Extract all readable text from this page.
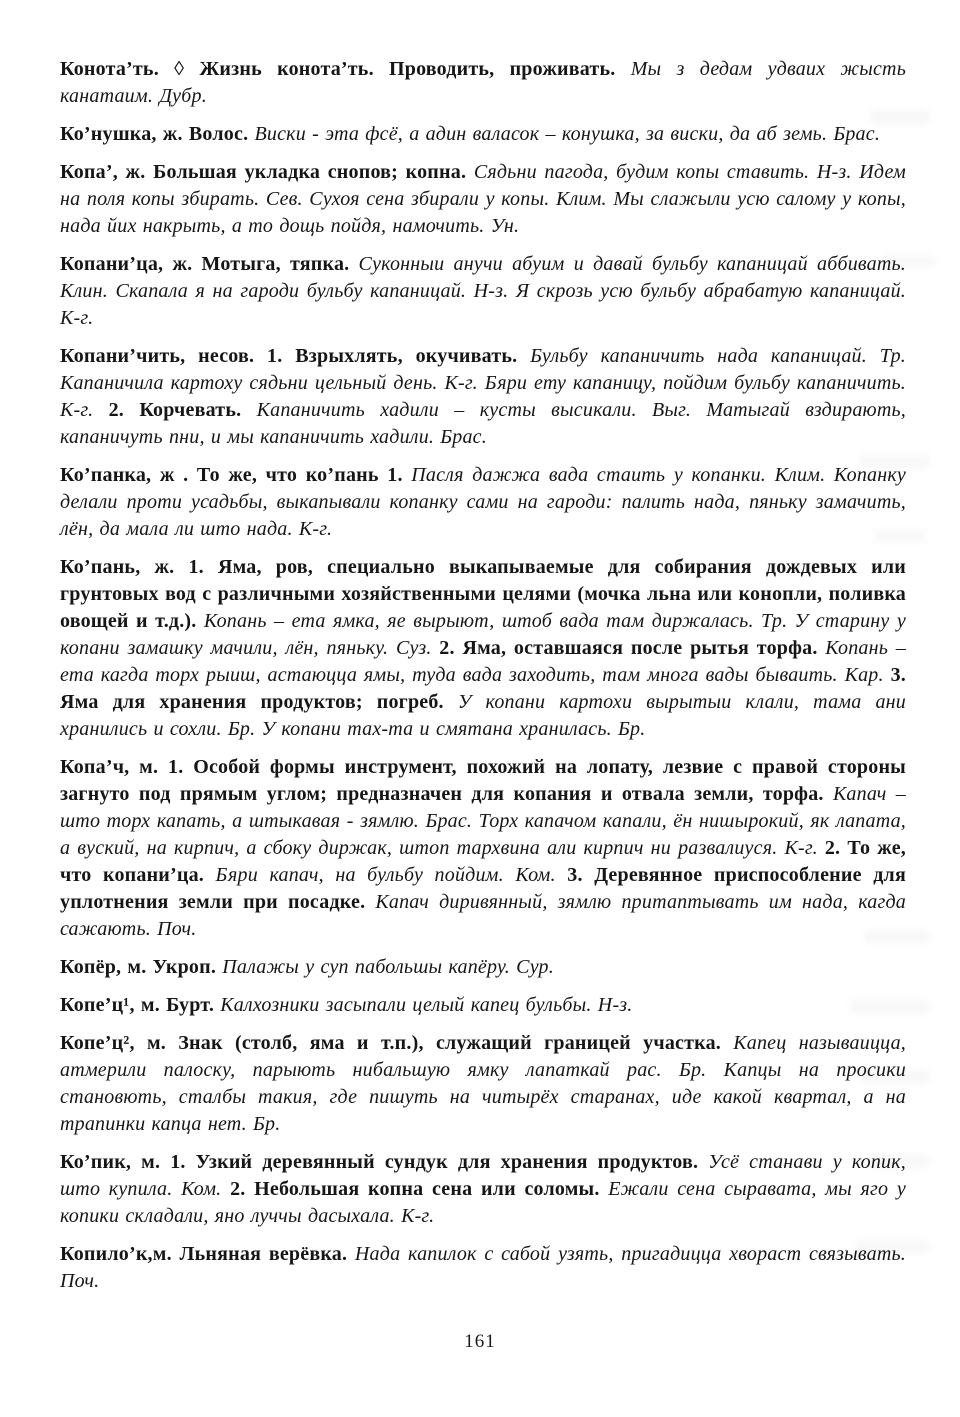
Конота’ть. ◊ Жизнь конота’ть. Проводить, проживать. Мы з дедам удваих жысть канатаим. Дубр.

Ко’нушка, ж. Волос. Виски - эта фсё, а адин валасок – конушка, за виски, да аб земь. Брас.

Копа’, ж. Большая укладка снопов; копна. Сядьни пагода, будим копы ставить. Н-з. Идем на поля копы збирать. Сев. Сухоя сена збирали у копы. Клим. Мы слажыли усю салому у копы, нада йих накрыть, а то дощь пойдя, намочить. Ун.

Копани’ца, ж. Мотыга, тяпка. Суконныи анучи абуим и давай бульбу капаницай аббивать. Клин. Скапала я на гароди бульбу капаницай. Н-з. Я скрозь усю бульбу абрабатую капаницай. К-г.

Копани’чить, несов. 1. Взрыхлять, окучивать. Бульбу капаничить нада капаницай. Тр. Капаничила картоху сядьни цельный день. К-г. Бяри ету капаницу, пойдим бульбу капаничить. К-г. 2. Корчевать. Капаничить хадили – кусты высикали. Выг. Матыгай вздирають, капаничуть пни, и мы капаничить хадили. Брас.

Ко’панка, ж . То же, что ко’пань 1. Пасля дажжа вада стаить у копанки. Клим. Копанку делали проти усадьбы, выкапывали копанку сами на гароди: палить нада, пяньку замачить, лён, да мала ли што нада. К-г.

Ко’пань, ж. 1. Яма, ров, специально выкапываемые для собирания дождевых или грунтовых вод с различными хозяйственными целями (мочка льна или конопли, поливка овощей и т.д.). Копань – ета ямка, яе вырыют, штоб вада там диржалась. Тр. У старину у копани замашку мачили, лён, пяньку. Суз. 2. Яма, оставшаяся после рытья торфа. Копань – ета кагда торх рыиш, астаюцца ямы, туда вада заходить, там многа вады бываить. Кар. 3. Яма для хранения продуктов; погреб. У копани картохи вырытыи клали, тама ани хранились и сохли. Бр. У копани тах-та и смятана хранилась. Бр.

Копа’ч, м. 1. Особой формы инструмент, похожий на лопату, лезвие с правой стороны загнуто под прямым углом; предназначен для копания и отвала земли, торфа. Капач – што торх капать, а штыкавая - зямлю. Брас. Торх капачом капали, ён нишырокий, як лапата, а вуский, на кирпич, а сбоку диржак, штоп тархвина али кирпич ни развалиуся. К-г. 2. То же, что копани’ца. Бяри капач, на бульбу пойдим. Ком. 3. Деревянное приспособление для уплотнения земли при посадке. Капач диривянный, зямлю притаптывать им нада, кагда сажають. Поч.

Копёр, м. Укроп. Палажы у суп пабольшы капёру. Сур.

Копе’ц¹, м. Бурт. Калхозники засыпали целый капец бульбы. Н-з.

Копе’ц², м. Знак (столб, яма и т.п.), служащий границей участка. Капец называицца, атмерили палоску, парыють нибальшую ямку лапаткай рас. Бр. Капцы на просики становють, сталбы такия, где пишуть на читырёх старанах, иде какой квартал, а на трапинки капца нет. Бр.

Ко’пик, м. 1. Узкий деревянный сундук для хранения продуктов. Усё станави у копик, што купила. Ком. 2. Небольшая копна сена или соломы. Ежали сена сыравата, мы яго у копики складали, яно луччы дасыхала. К-г.

Копило’к,м. Льняная верёвка. Нада капилок с сабой узять, пригадицца хвораст связывать. Поч.

161
